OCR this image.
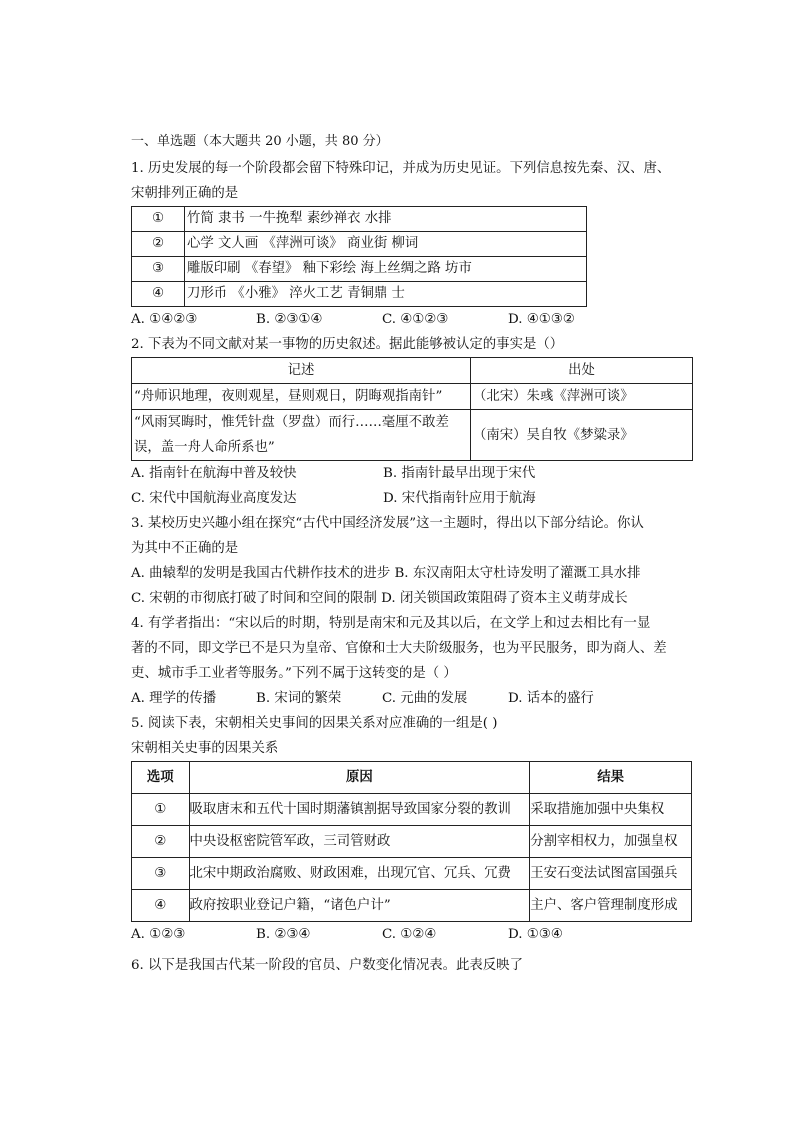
一、单选题（本大题共 20 小题，共 80 分）
1. 历史发展的每一个阶段都会留下特殊印记，并成为历史见证。下列信息按先秦、汉、唐、
宋朝排列正确的是
①	竹简 隶书 一牛挽犁 素纱禅衣 水排
②	心学 文人画 《萍洲可谈》 商业街 柳词
③	雕版印刷 《春望》 釉下彩绘 海上丝绸之路 坊市
④	刀形币 《小雅》 淬火工艺 青铜鼎 士
A. ①④②③	B. ②③①④	C. ④①②③	D. ④①③②
2. 下表为不同文献对某一事物的历史叙述。据此能够被认定的事实是（）
记述	出处
“舟师识地理，夜则观星，昼则观日，阴晦观指南针”	（北宋）朱彧《萍洲可谈》

“风雨冥晦时，惟凭针盘（罗盘）而行……毫厘不敢差
误，盖一舟人命所系也”	（南宋）吴自牧《梦粱录》
A. 指南针在航海中普及较快	B. 指南针最早出现于宋代
C. 宋代中国航海业高度发达	D. 宋代指南针应用于航海
3. 某校历史兴趣小组在探究“古代中国经济发展”这一主题时，得出以下部分结论。你认
为其中不正确的是
A. 曲辕犁的发明是我国古代耕作技术的进步 B. 东汉南阳太守杜诗发明了灌溉工具水排
C. 宋朝的市彻底打破了时间和空间的限制 D. 闭关锁国政策阻碍了资本主义萌芽成长
4. 有学者指出：“宋以后的时期，特别是南宋和元及其以后，在文学上和过去相比有一显
著的不同，即文学已不是只为皇帝、官僚和士大夫阶级服务，也为平民服务，即为商人、差
吏、城市手工业者等服务。”下列不属于这转变的是（ ）
A. 理学的传播	B. 宋词的繁荣	C. 元曲的发展	D. 话本的盛行
5. 阅读下表，宋朝相关史事间的因果关系对应准确的一组是( )
宋朝相关史事的因果关系
选项	原因	结果
①	吸取唐末和五代十国时期藩镇割据导致国家分裂的教训	采取措施加强中央集权
②	中央设枢密院管军政，三司管财政	分割宰相权力，加强皇权
③	北宋中期政治腐败、财政困难，出现冗官、冗兵、冗费	王安石变法试图富国强兵
④	政府按职业登记户籍，“诸色户计”	主户、客户管理制度形成
A. ①②③	B. ②③④	C. ①②④	D. ①③④
6. 以下是我国古代某一阶段的官员、户数变化情况表。此表反映了
